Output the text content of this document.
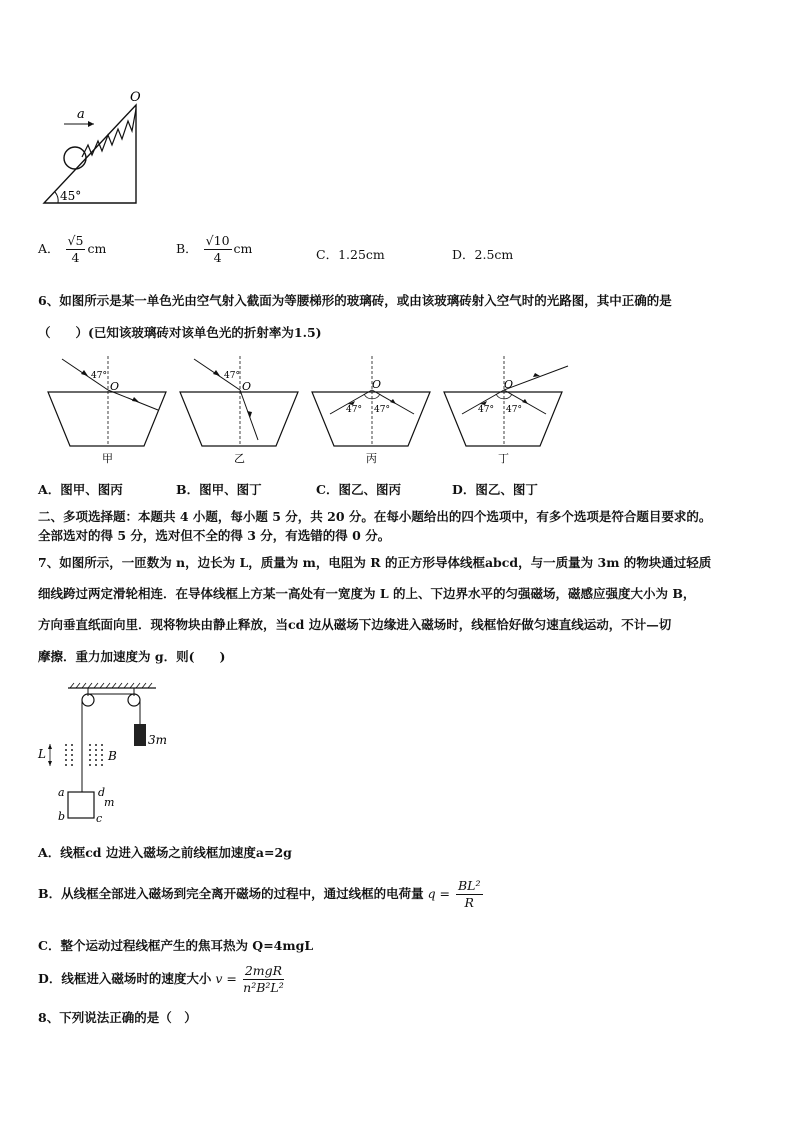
a
O
45°
A． $\frac{√5}{4}$ cm	B． $\frac{√10}{4}$ cm	C．1.25cm	D．2.5cm
6、如图所示是某一单色光由空气射入截面为等腰梯形的玻璃砖，或由该玻璃砖射入空气时的光路图，其中正确的是
（　　）(已知该玻璃砖对该单色光的折射率为1.5)
47°
O
甲
47°
O
乙
47° 47°
O
丙
47° 47°
O
丁
A．图甲、图丙	B．图甲、图丁	C．图乙、图丙	D．图乙、图丁
二、多项选择题：本题共 4 小题，每小题 5 分，共 20 分。在每小题给出的四个选项中，有多个选项是符合题目要求的。
全部选对的得 5 分，选对但不全的得 3 分，有选错的得 0 分。
7、如图所示，一匝数为 n，边长为 L，质量为 m，电阻为 R 的正方形导体线框abcd，与一质量为 3m 的物块通过轻质
细线跨过两定滑轮相连．在导体线框上方某一高处有一宽度为 L 的上、下边界水平的匀强磁场，磁感应强度大小为 B，
方向垂直纸面向里．现将物块由静止释放，当cd 边从磁场下边缘进入磁场时，线框恰好做匀速直线运动，不计—切
摩擦．重力加速度为 g．则(　　)
3m
L	B
a
b
d
m
c
A．线框cd 边进入磁场之前线框加速度a=2g
B．从线框全部进入磁场到完全离开磁场的过程中，通过线框的电荷量 $q = \frac{\text{BL²}}{R}$
C．整个运动过程线框产生的焦耳热为 Q=4mgL
D．线框进入磁场时的速度大小 $v = \frac{\text{2mgR}}{\text{n²B²L²}}$
8、下列说法正确的是（　）
